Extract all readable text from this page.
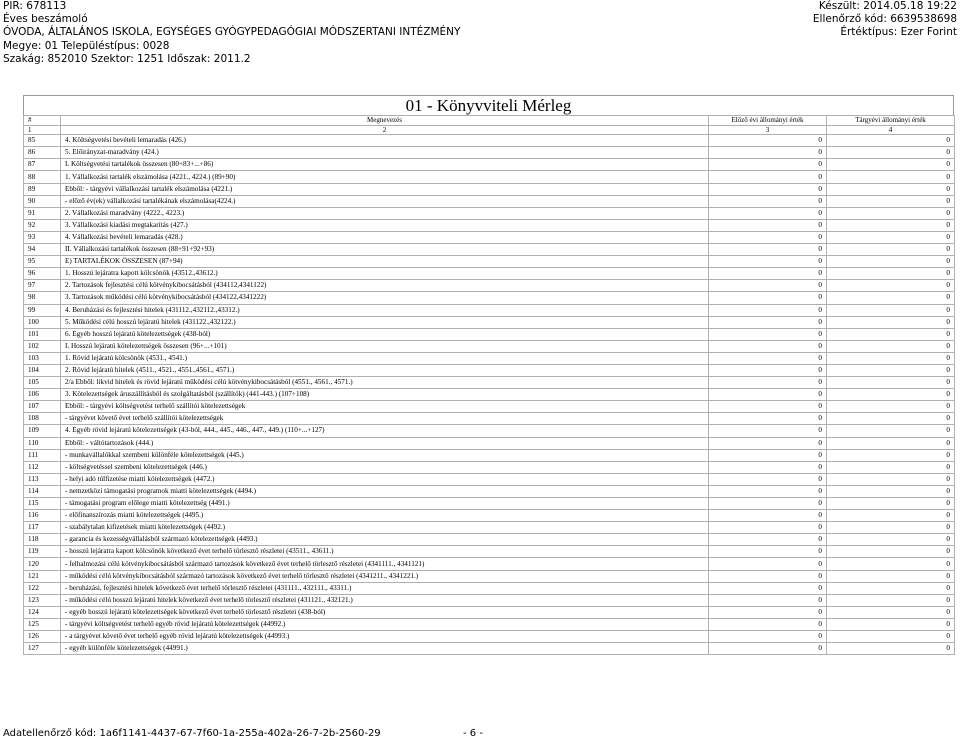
PIR: 678113
Éves beszámoló
ÓVODA, ÁLTALÁNOS ISKOLA, EGYSÉGES GYÓGYPEDAGÓGIAI MÓDSZERTANI INTÉZMÉNY
Megye: 01 Településtípus: 0028
Szakág: 852010 Szektor: 1251 Időszak: 2011.2
Készült: 2014.05.18 19:22
Ellenőrző kód: 6639538698
Értéktípus: Ezer Forint
01 - Könyvviteli Mérleg
#	Megnevezés	Előző évi állományi érték	Tárgyévi állományi érték
1	2	3	4
85	4. Költségvetési bevételi lemaradás (426.)	0	0
86	5. Előirányzat-maradvány (424.)	0	0
87	I. Költségvetési tartalékok összesen (80+83+...+86)	0	0
88	1. Vállalkozási tartalék elszámolása (4221., 4224.) (89+90)	0	0
89	Ebből: - tárgyévi vállalkozási tartalék elszámolása (4221.)	0	0
90	- előző év(ek) vállalkozási tartalékának elszámolása(4224.)	0	0
91	2. Vállalkozási maradvány (4222., 4223.)	0	0
92	3. Vállalkozási kiadási megtakarítás (427.)	0	0
93	4. Vállalkozási bevételi lemaradás (428.)	0	0
94	II. Vállalkozási tartalékok összesen (88+91+92+93)	0	0
95	E) TARTALÉKOK ÖSSZESEN (87+94)	0	0
96	1. Hosszú lejáratra kapott kölcsönök (43512.,43612.)	0	0
97	2. Tartozások fejlesztési célú kötvénykibocsátásból (434112,4341122)	0	0
98	3. Tartozások működési célú kötvénykibocsátásból (434122,4341222)	0	0
99	4. Beruházási és fejlesztési hitelek (431112.,432112.,43312.)	0	0
100	5. Működési célú hosszú lejáratú hitelek (431122.,432122.)	0	0
101	6. Egyéb hosszú lejáratú kötelezettségek (438-ból)	0	0
102	I. Hosszú lejáratú kötelezettségek összesen (96+...+101)	0	0
103	1. Rövid lejáratú kölcsönök (4531., 4541.)	0	0
104	2. Rövid lejáratú hitelek (4511., 4521., 4551.,4561., 4571.)	0	0
105	2/a Ebből: likvid hitelek és rövid lejáratú működési célú kötvénykibocsátásból (4551., 4561., 4571.)	0	0
106	3. Kötelezettségek áruszállításból és szolgáltatásból (szállítók) (441-443.) (107+108)	0	0
107	Ebből: - tárgyévi költségvetést terhelő szállítói kötelezettségek	0	0
108	- tárgyévet követő évet terhelő szállítói kötelezettségek	0	0
109	4. Egyéb rövid lejáratú kötelezettségek (43-ból, 444., 445., 446., 447., 449.) (110+...+127)	0	0
110	Ebből: - váltótartozások (444.)	0	0
111	- munkavállalókkal szembeni különféle kötelezettségek (445.)	0	0
112	- költségvetéssel szembeni kötelezettségek (446.)	0	0
113	- helyi adó túlfizetése miatti kötelezettségek (4472.)	0	0
114	- nemzetközi támogatási programok miatti kötelezettségek (4494.)	0	0
115	- támogatási program előlege miatti kötelezettség (4491.)	0	0
116	- előfinanszírozás miatti kötelezettségek (4495.)	0	0
117	- szabálytalan kifizetések miatti kötelezettségek (4492.)	0	0
118	- garancia és kezességvállalásból származó kötelezettségek (4493.)	0	0
119	- hosszú lejáratra kapott kölcsönök következő évet terhelő törlesztő részletei (43511., 43611.)	0	0
120	- felhalmozási célú kötvénykibocsátásból származó tartozások következő évet terhelő törlesztő részletei (4341111., 4341121)	0	0
121	- működési célú kötvénykibocsátásból származó tartozások következő évet terhelő törlesztő részletei (4341211., 4341221.)	0	0
122	- beruházási, fejlesztési hitelek következő évet terhelő törlesztő részletei (431111., 432111., 43311.)	0	0
123	- működési célú hosszú lejáratú hitelek következő évet terhelő törlesztő részletei (431121., 432121.)	0	0
124	- egyéb hosszú lejáratú kötelezettségek következő évet terhelő törlesztő részletei (438-ból)	0	0
125	- tárgyévi költségvetést terhelő egyéb rövid lejáratú kötelezettségek (44992.)	0	0
126	- a tárgyévet követő évet terhelő egyéb rövid lejáratú kötelezettségek (44993.)	0	0
127	- egyéb különféle kötelezettségek (44991.)	0	0
Adatellenőrző kód: 1a6f1141-4437-67-7f60-1a-255a-402a-26-7-2b-2560-29	- 6 -
